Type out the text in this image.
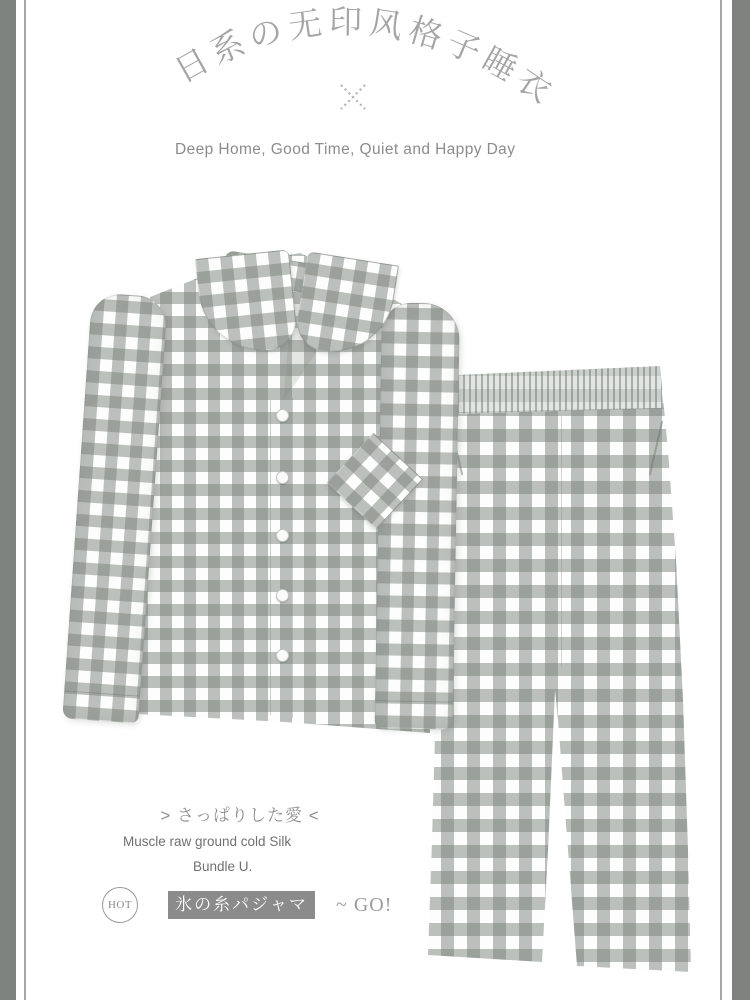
日系の无印风格子睡衣
Deep Home, Good Time, Quiet and Happy Day
> さっぱりした愛 <
Muscle raw ground cold Silk
Bundle U.
HOT	氷の糸パジャマ	~ GO!
